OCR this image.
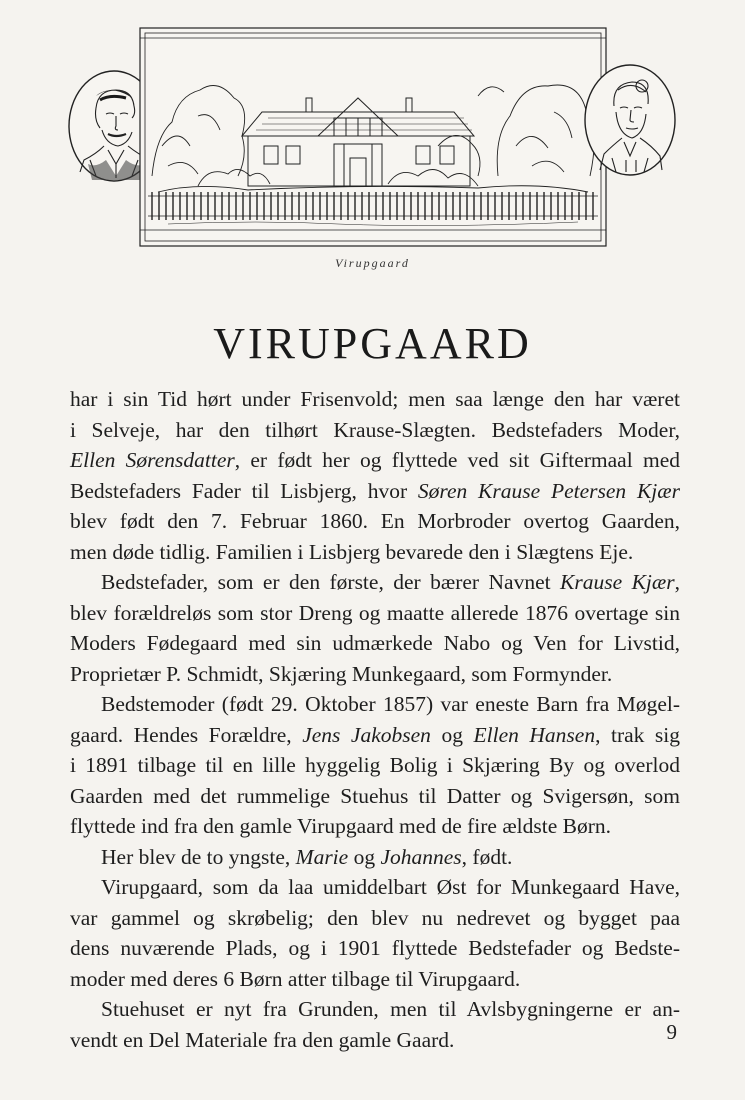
Virupgaard
VIRUPGAARD

har i sin Tid hørt under Frisenvold; men saa længe den har været
i Selveje, har den tilhørt Krause-Slægten. Bedstefaders Moder,
Ellen Sørensdatter, er født her og flyttede ved sit Giftermaal med
Bedstefaders Fader til Lisbjerg, hvor Søren Krause Petersen Kjær
blev født den 7. Februar 1860. En Morbroder overtog Gaarden,
men døde tidlig. Familien i Lisbjerg bevarede den i Slægtens Eje.

Bedstefader, som er den første, der bærer Navnet Krause Kjær,
blev forældreløs som stor Dreng og maatte allerede 1876 overtage sin
Moders Fødegaard med sin udmærkede Nabo og Ven for Livstid,
Proprietær P. Schmidt, Skjæring Munkegaard, som Formynder.

Bedstemoder (født 29. Oktober 1857) var eneste Barn fra Møgel-
gaard. Hendes Forældre, Jens Jakobsen og Ellen Hansen, trak sig
i 1891 tilbage til en lille hyggelig Bolig i Skjæring By og overlod
Gaarden med det rummelige Stuehus til Datter og Svigersøn, som
flyttede ind fra den gamle Virupgaard med de fire ældste Børn.

Her blev de to yngste, Marie og Johannes, født.

Virupgaard, som da laa umiddelbart Øst for Munkegaard Have,
var gammel og skrøbelig; den blev nu nedrevet og bygget paa
dens nuværende Plads, og i 1901 flyttede Bedstefader og Bedste-
moder med deres 6 Børn atter tilbage til Virupgaard.

Stuehuset er nyt fra Grunden, men til Avlsbygningerne er an-
vendt en Del Materiale fra den gamle Gaard.	9
